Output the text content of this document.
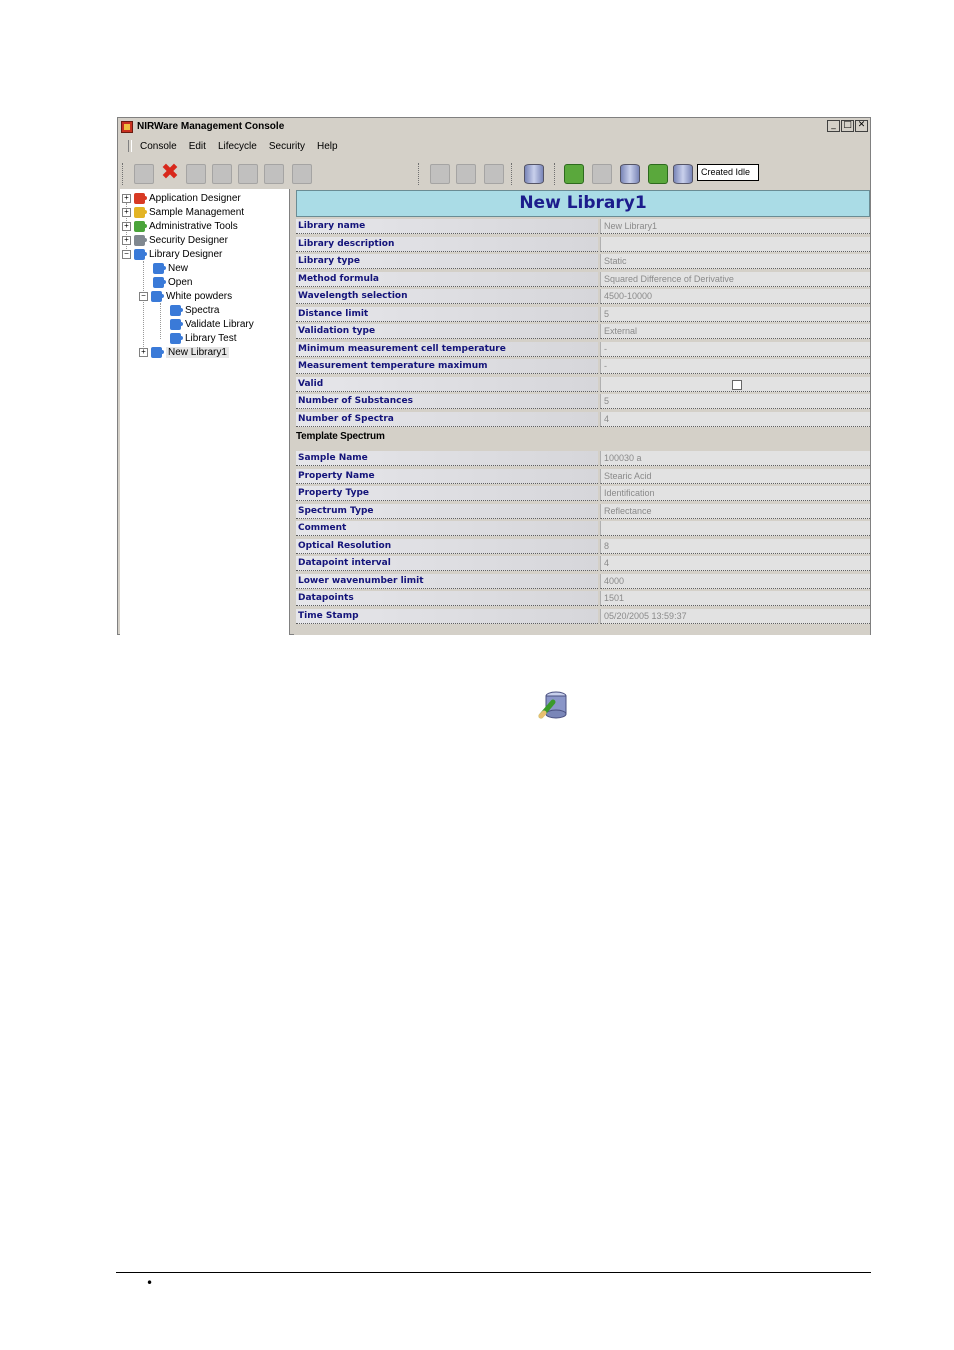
NIRWare Management Console	_ □ ✕
Console	Edit	Lifecycle	Security	Help
✖	Created Idle
+ Application Designer
+ Sample Management
+ Administrative Tools
+ Security Designer
− Library Designer
New
Open
− White powders
Spectra
Validate Library
Library Test
+ New Library1
New Library1
Library name	New Library1
Library description
Library type	Static
Method formula	Squared Difference of Derivative
Wavelength selection	4500-10000
Distance limit	5
Validation type	External
Minimum measurement cell temperature	-
Measurement temperature maximum	-
Valid
Number of Substances	5
Number of Spectra	4
Template Spectrum
Sample Name	100030 a
Property Name	Stearic Acid
Property Type	Identification
Spectrum Type	Reflectance
Comment
Optical Resolution	8
Datapoint interval	4
Lower wavenumber limit	4000
Datapoints	1501
Time Stamp	05/20/2005 13:59:37
•
